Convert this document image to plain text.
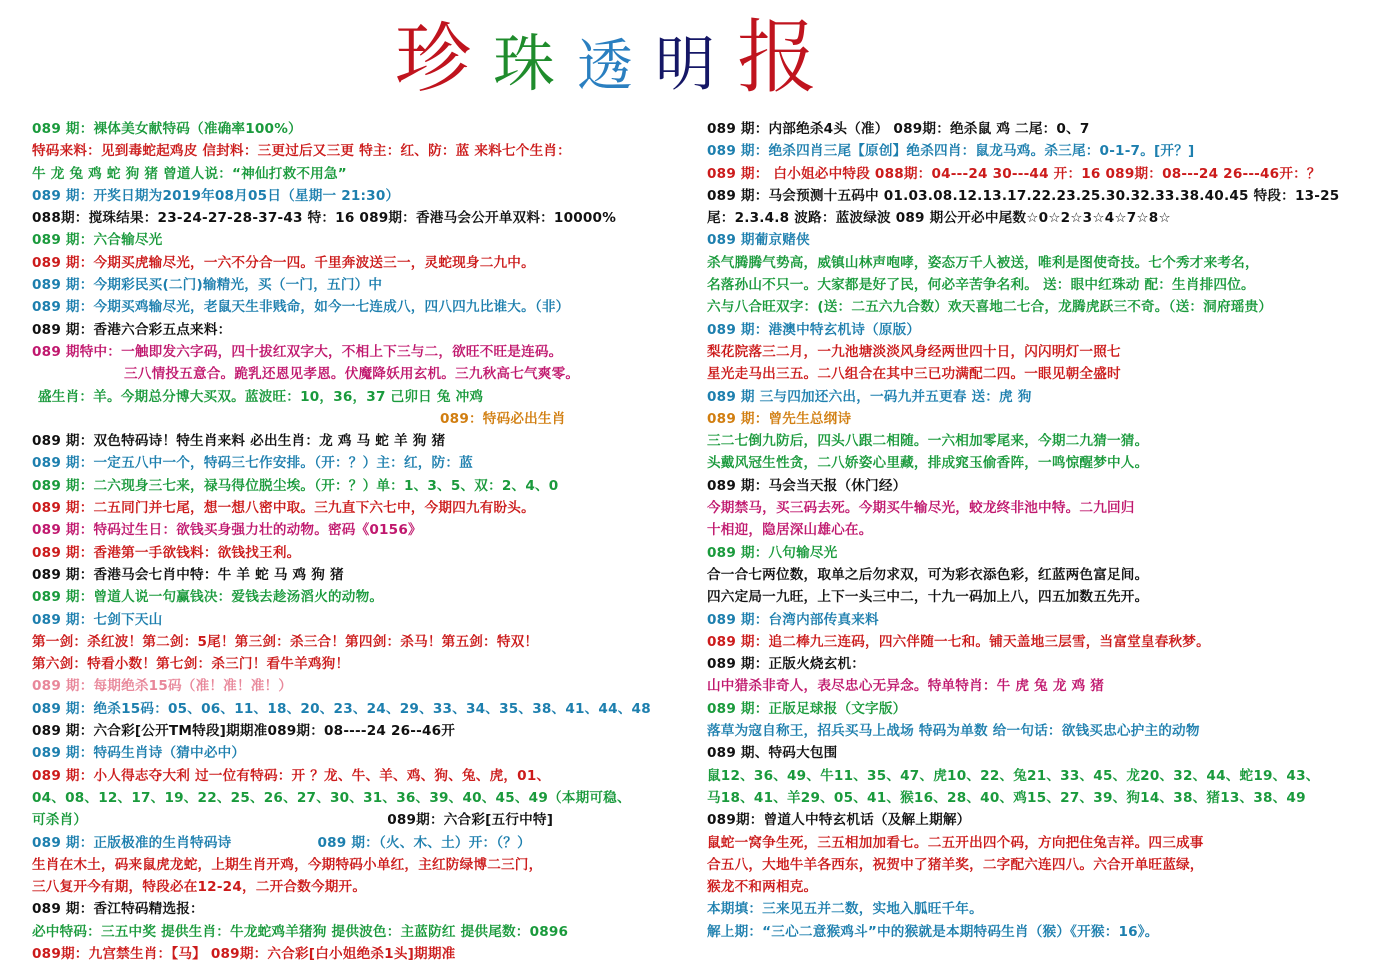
珍 珠 透 明 报
089 期：裸体美女献特码（准确率100%）
特码来料：见到毒蛇起鸡皮 信封料：三更过后又三更 特主：红、防：蓝 来料七个生肖：
牛 龙 兔 鸡 蛇 狗 猪 曾道人说：“神仙打救不用急”
089 期：开奖日期为2019年08月05日（星期一 21:30）
088期：搅珠结果：23-24-27-28-37-43 特：16 089期：香港马会公开单双料：10000%
089 期：六合输尽光
089 期：今期买虎输尽光，一六不分合一四。千里奔波送三一，灵蛇现身二九中。
089 期：今期彩民买(二门)输精光，买（一门，五门）中
089 期：今期买鸡输尽光，老鼠天生非贱命，如今一七连成八，四八四九比谁大。（非）
089 期：香港六合彩五点来料：
089 期特中：一触即发六字码，四十拔红双字大，不相上下三与二，欲旺不旺是连码。
三八情投五意合。跪乳还恩见孝恩。伏魔降妖用玄机。三九秋高七气爽零。
盛生肖：羊。今期总分博大买双。蓝波旺：10，36，37 己卯日 兔 冲鸡
089：特码必出生肖
089 期：双色特码诗！特生肖来料 必出生肖：龙 鸡 马 蛇 羊 狗 猪
089 期：一定五八中一个，特码三七作安排。（开：？）主：红，防：蓝
089 期：二六现身三七来，禄马得位脱尘埃。（开：？）单：1、3、5、双：2、4、0
089 期：二五同门并七尾，想一想八密中取。三九直下六七中，今期四九有盼头。
089 期：特码过生日：欲钱买身强力壮的动物。密码《0156》
089 期：香港第一手欲钱料：欲钱找王利。
089 期：香港马会七肖中特：牛 羊 蛇 马 鸡 狗 猪
089 期：曾道人说一句赢钱决：爱钱去趁汤滔火的动物。
089 期：七剑下天山
第一剑：杀红波！第二剑：5尾！第三剑：杀三合！第四剑：杀马！第五剑：特双！
第六剑：特看小数！第七剑：杀三门！看牛羊鸡狗！
089 期：每期绝杀15码（准！准！准！）
089 期：绝杀15码：05、06、11、18、20、23、24、29、33、34、35、38、41、44、48
089 期：六合彩[公开TM特段]期期准089期：08----24 26--46开
089 期：特码生肖诗（猜中必中）
089 期：小人得志夺大利 过一位有特码：开 ？龙、牛、羊、鸡、狗、兔、虎，01、
04、08、12、17、19、22、25、26、27、30、31、36、39、40、45、49（本期可稳、
可杀肖）	089期：六合彩[五行中特]
089 期：正版极准的生肖特码诗	089 期：（火、木、土）开：（？）
生肖在木土，码来鼠虎龙蛇，上期生肖开鸡，今期特码小单红，主红防绿博二三门，
三八复开今有期，特段必在12-24，二开合数今期开。
089 期：香江特码精选报：
必中特码：三五中奖 提供生肖：牛龙蛇鸡羊猪狗 提供波色：主蓝防红 提供尾数：0896
089期：九宫禁生肖：【马】 089期：六合彩[白小姐绝杀1头]期期准
089 期：内部绝杀4头（准） 089期：绝杀鼠 鸡 二尾：0、7
089 期：绝杀四肖三尾【原创】绝杀四肖：鼠龙马鸡。杀三尾：0-1-7。[开？]
089 期： 白小姐必中特段 088期：04---24 30---44 开：16 089期：08---24 26---46开：？
089 期：马会预测十五码中 01.03.08.12.13.17.22.23.25.30.32.33.38.40.45 特段：13-25
尾：2.3.4.8 波路：蓝波绿波 089 期公开必中尾数☆0☆2☆3☆4☆7☆8☆
089 期葡京赌侠
杀气腾腾气势高，威镇山林声咆哮，姿态万千人被送，唯利是图使奇技。七个秀才来考名，
名落孙山不只一。大家都是好了民，何必辛苦争名利。 送：眼中红珠动 配：生肖排四位。
六与八合旺双字：(送：二五六九合数）欢天喜地二七合，龙腾虎跃三不奇。（送：洞府瑶贵）
089 期：港澳中特玄机诗（原版）
梨花院落三二月，一九池塘淡淡风身经两世四十日，闪闪明灯一照七
星光走马出三五。二八组合在其中三已功满配二四。一眼见朝全盛时
089 期 三与四加还六出，一码九并五更春 送：虎 狗
089 期：曾先生总纲诗
三二七倒九防后，四头八跟二相随。一六相加零尾来，今期二九猜一猜。
头戴风冠生性贪，二八娇姿心里藏，排成窕玉偷香阵，一鸣惊醒梦中人。
089 期：马会当天报（休门经）
今期禁马，买三码去死。今期买牛输尽光，蛟龙终非池中特。二九回归
十相迎，隐居深山雄心在。
089 期：八句输尽光
合一合七两位数，取单之后勿求双，可为彩衣添色彩，红蓝两色富足间。
四六定局一九旺，上下一头三中二，十九一码加上八，四五加数五先开。
089 期：台湾内部传真来料
089 期：追二棒九三连码，四六伴随一七和。铺天盖地三层雪，当富堂皇春秋梦。
089 期：正版火烧玄机：
山中猎杀非奇人，表尽忠心无异念。特单特肖：牛 虎 兔 龙 鸡 猪
089 期：正版足球报（文字版）
落草为寇自称王，招兵买马上战场 特码为单数 给一句话：欲钱买忠心护主的动物
089 期、特码大包围
鼠12、36、49、牛11、35、47、虎10、22、兔21、33、45、龙20、32、44、蛇19、43、
马18、41、羊29、05、41、猴16、28、40、鸡15、27、39、狗14、38、猪13、38、49
089期：曾道人中特玄机话（及解上期解）
鼠蛇一窝争生死，三五相加加看七。二五开出四个码，方向把住兔吉祥。四三成事
合五八，大地牛羊各西东，祝贺中了猪羊奖，二字配六连四八。六合开单旺蓝绿，
猴龙不和两相克。
本期填：三来见五并二数，实地入胍旺千年。
解上期：“三心二意猴鸡斗”中的猴就是本期特码生肖（猴）《开猴：16》。
